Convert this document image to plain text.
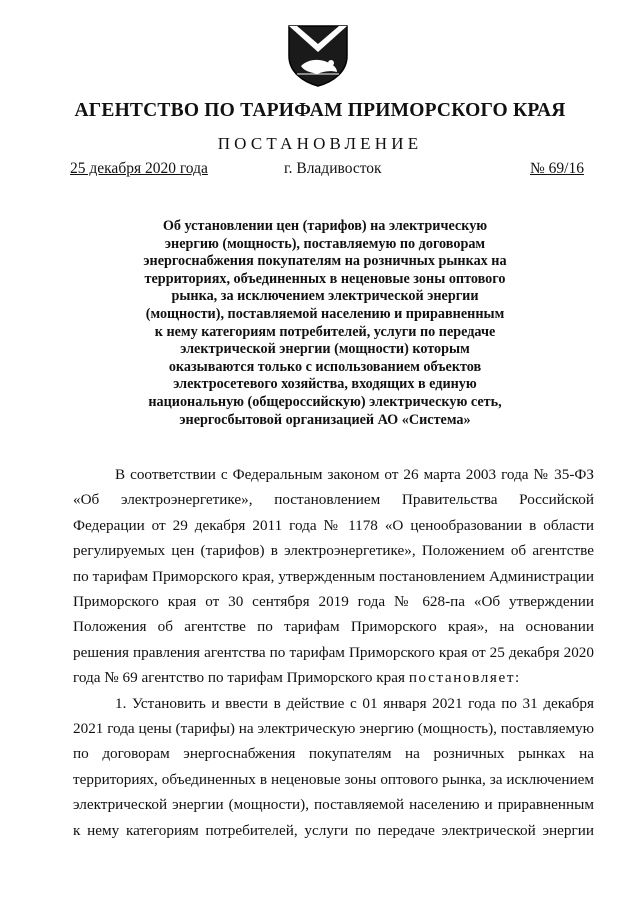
АГЕНТСТВО ПО ТАРИФАМ ПРИМОРСКОГО КРАЯ
ПОСТАНОВЛЕНИЕ
25 декабря 2020 года	г. Владивосток	№ 69/16
Об установлении цен (тарифов) на электрическую
энергию (мощность), поставляемую по договорам
энергоснабжения покупателям на розничных рынках на
территориях, объединенных в неценовые зоны оптового
рынка, за исключением электрической энергии
(мощности), поставляемой населению и приравненным
к нему категориям потребителей, услуги по передаче
электрической энергии (мощности) которым
оказываются только с использованием объектов
электросетевого хозяйства, входящих в единую
национальную (общероссийскую) электрическую сеть,
энергосбытовой организацией АО «Система»
В соответствии с Федеральным законом от 26 марта 2003 года № 35-ФЗ
«Об электроэнергетике», постановлением Правительства Российской
Федерации от 29 декабря 2011 года № 1178 «О ценообразовании в области
регулируемых цен (тарифов) в электроэнергетике», Положением об агентстве
по тарифам Приморского края, утвержденным постановлением Администрации
Приморского края от 30 сентября 2019 года № 628-па «Об утверждении
Положения об агентстве по тарифам Приморского края», на основании
решения правления агентства по тарифам Приморского края от 25 декабря 2020
года № 69 агентство по тарифам Приморского края постановляет:
1. Установить и ввести в действие с 01 января 2021 года по 31 декабря
2021 года цены (тарифы) на электрическую энергию (мощность), поставляемую
по договорам энергоснабжения покупателям на розничных рынках на
территориях, объединенных в неценовые зоны оптового рынка, за исключением
электрической энергии (мощности), поставляемой населению и приравненным
к нему категориям потребителей, услуги по передаче электрической энергии
